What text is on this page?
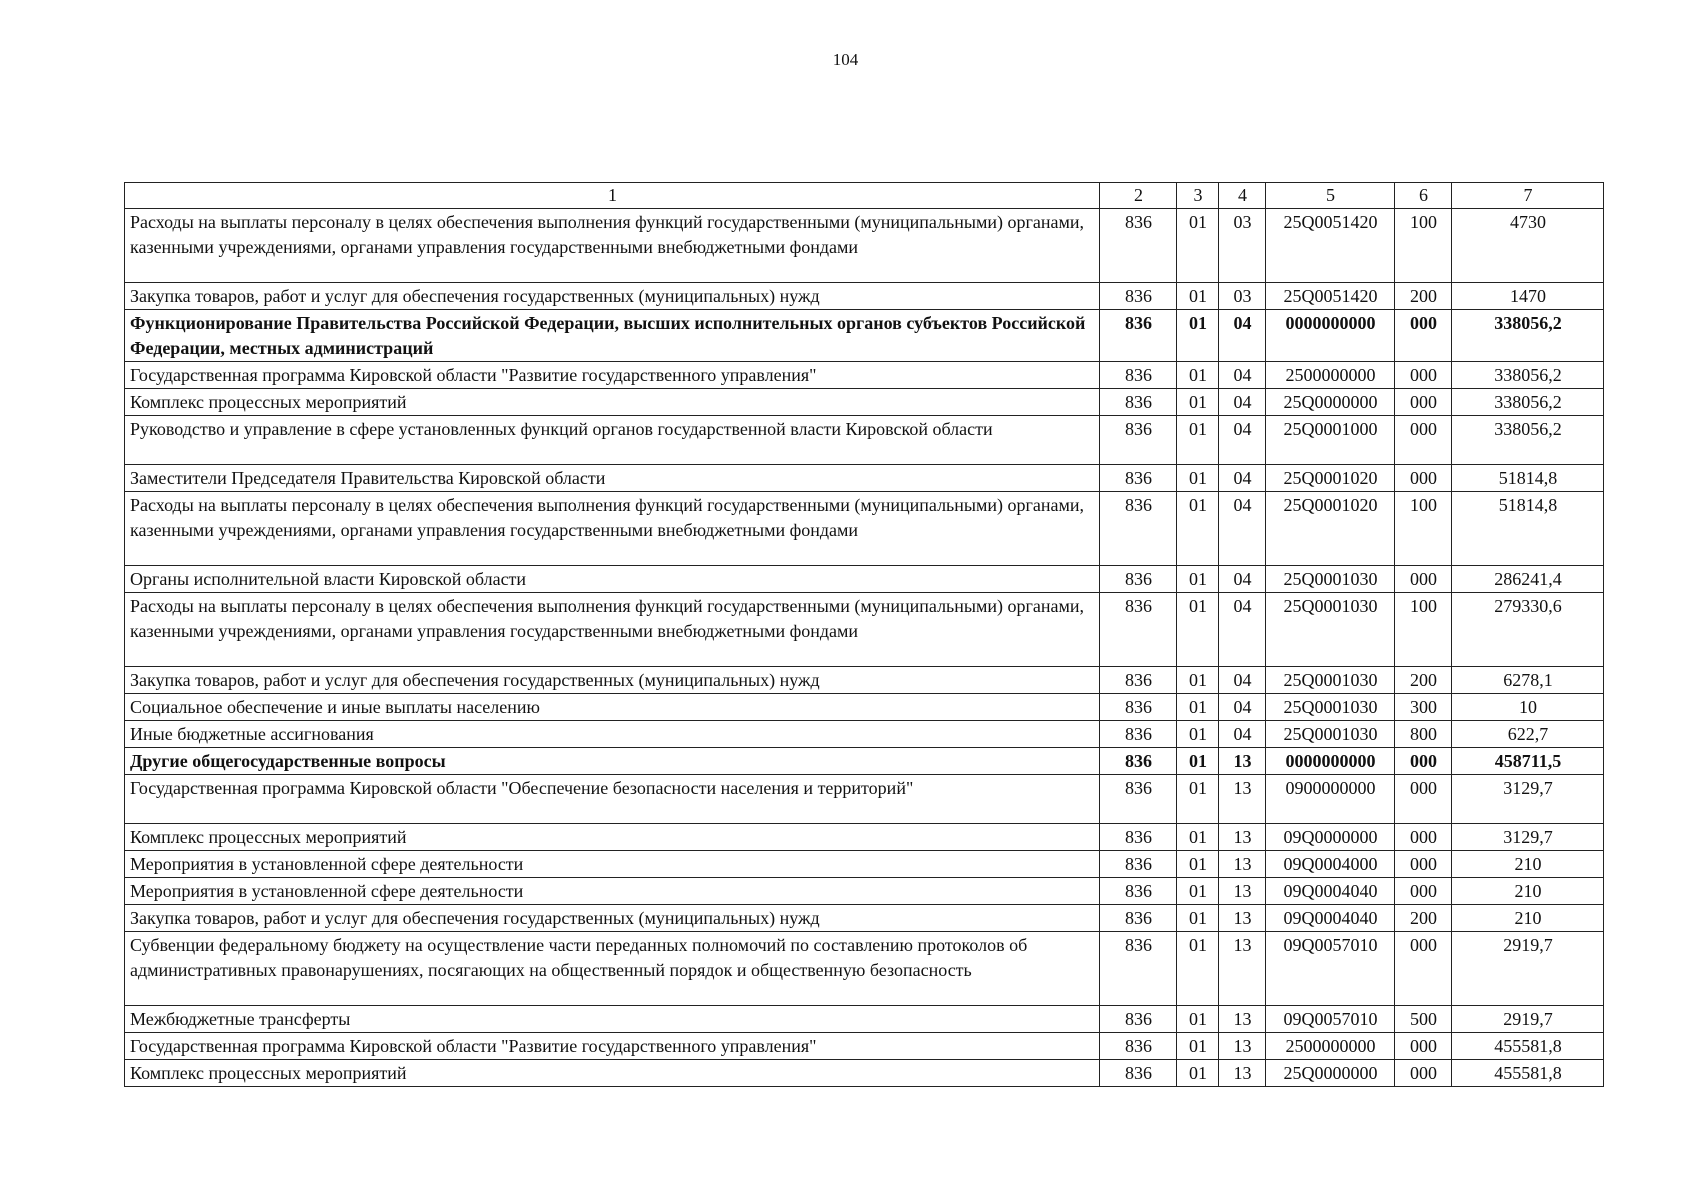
104
1	2	3	4	5	6	7
Расходы на выплаты персоналу в целях обеспечения выполнения функций государственными (муниципальными) органами, казенными учреждениями, органами управления государственными внебюджетными фондами	836	01	03	25Q0051420	100	4730
Закупка товаров, работ и услуг для обеспечения государственных (муниципальных) нужд	836	01	03	25Q0051420	200	1470
Функционирование Правительства Российской Федерации, высших исполнительных органов субъектов Российской Федерации, местных администраций	836	01	04	0000000000	000	338056,2
Государственная программа Кировской области "Развитие государственного управления"	836	01	04	2500000000	000	338056,2
Комплекс процессных мероприятий	836	01	04	25Q0000000	000	338056,2
Руководство и управление в сфере установленных функций органов государственной власти Кировской области	836	01	04	25Q0001000	000	338056,2
Заместители Председателя Правительства Кировской области	836	01	04	25Q0001020	000	51814,8
Расходы на выплаты персоналу в целях обеспечения выполнения функций государственными (муниципальными) органами, казенными учреждениями, органами управления государственными внебюджетными фондами	836	01	04	25Q0001020	100	51814,8
Органы исполнительной власти Кировской области	836	01	04	25Q0001030	000	286241,4
Расходы на выплаты персоналу в целях обеспечения выполнения функций государственными (муниципальными) органами, казенными учреждениями, органами управления государственными внебюджетными фондами	836	01	04	25Q0001030	100	279330,6
Закупка товаров, работ и услуг для обеспечения государственных (муниципальных) нужд	836	01	04	25Q0001030	200	6278,1
Социальное обеспечение и иные выплаты населению	836	01	04	25Q0001030	300	10
Иные бюджетные ассигнования	836	01	04	25Q0001030	800	622,7
Другие общегосударственные вопросы	836	01	13	0000000000	000	458711,5
Государственная программа Кировской области "Обеспечение безопасности населения и территорий"	836	01	13	0900000000	000	3129,7
Комплекс процессных мероприятий	836	01	13	09Q0000000	000	3129,7
Мероприятия в установленной сфере деятельности	836	01	13	09Q0004000	000	210
Мероприятия в установленной сфере деятельности	836	01	13	09Q0004040	000	210
Закупка товаров, работ и услуг для обеспечения государственных (муниципальных) нужд	836	01	13	09Q0004040	200	210
Субвенции федеральному бюджету на осуществление части переданных полномочий по составлению протоколов об административных правонарушениях, посягающих на общественный порядок и общественную безопасность	836	01	13	09Q0057010	000	2919,7
Межбюджетные трансферты	836	01	13	09Q0057010	500	2919,7
Государственная программа Кировской области "Развитие государственного управления"	836	01	13	2500000000	000	455581,8
Комплекс процессных мероприятий	836	01	13	25Q0000000	000	455581,8
